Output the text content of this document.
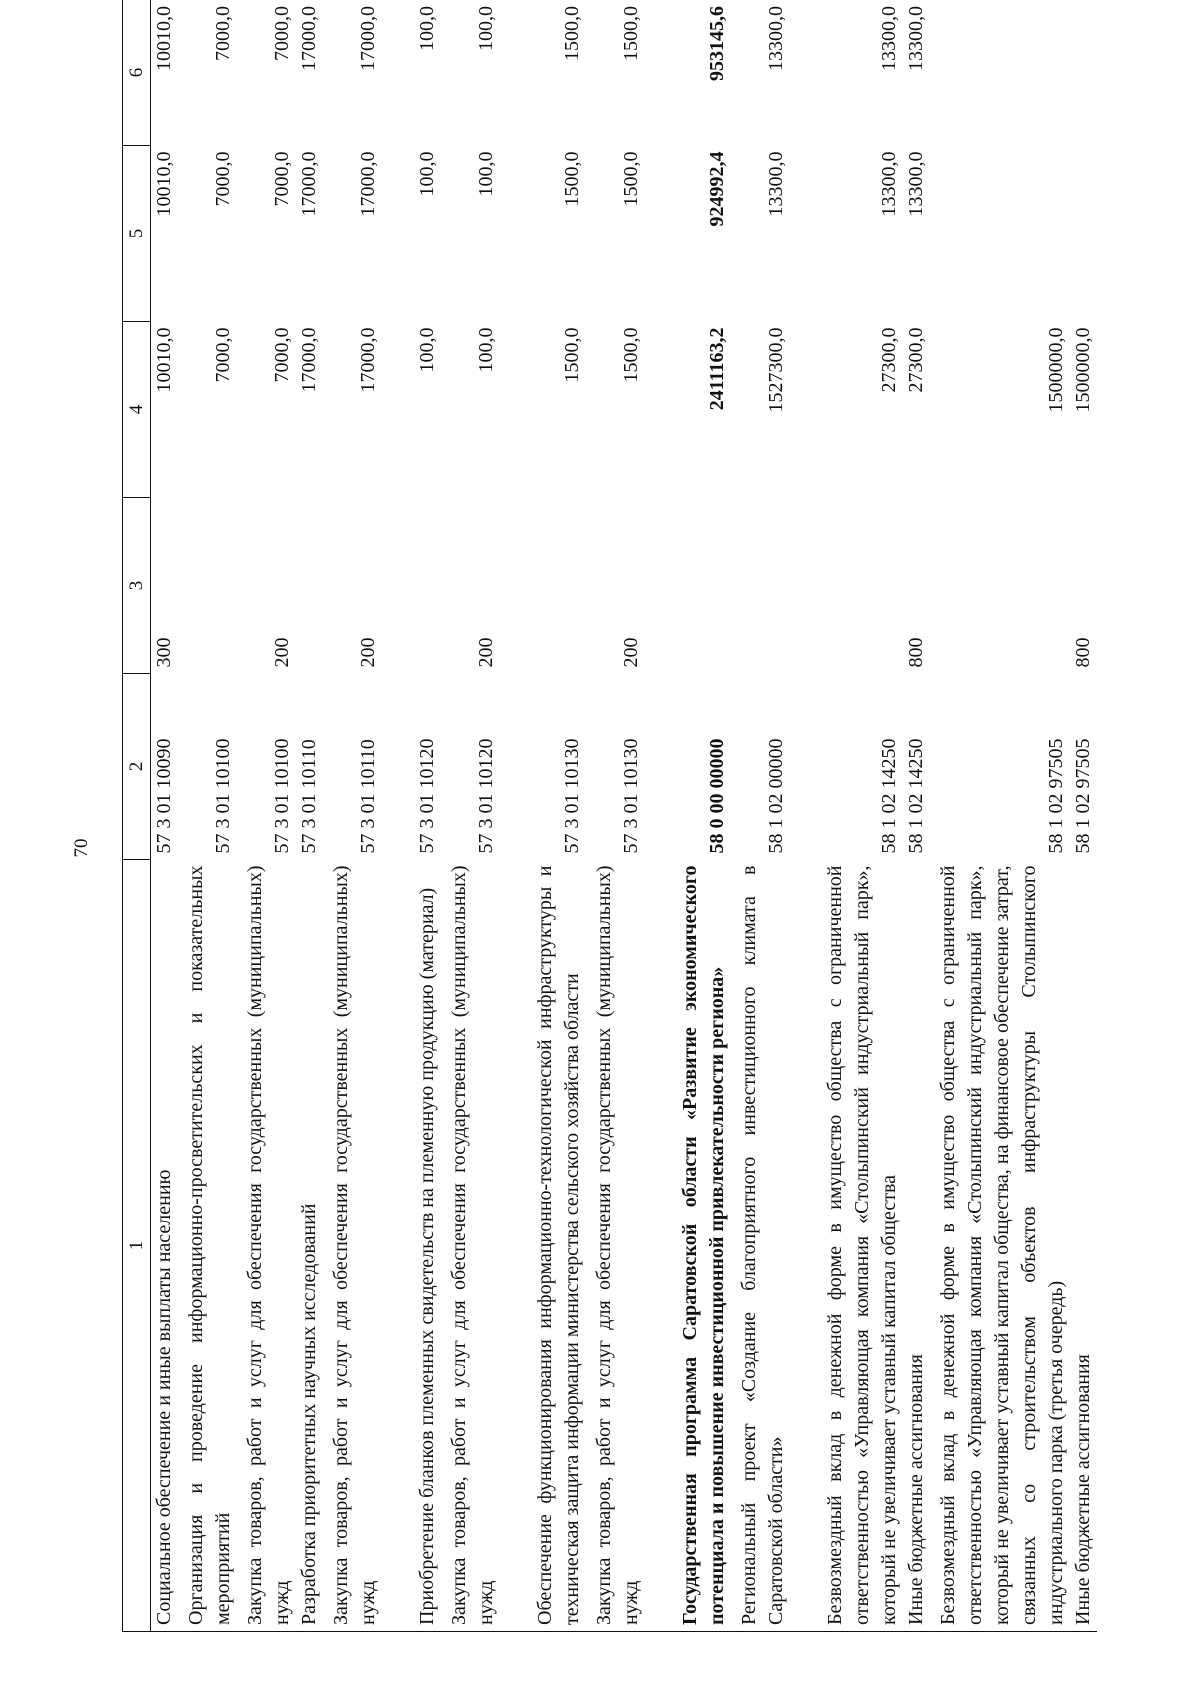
70
1	2	3	4	5	6
Социальное обеспечение и иные выплаты населению	57 3 01 10090	300	10010,0	10010,0	10010,0
Организация и проведение информационно-просветительских и показательных мероприятий	57 3 01 10100		7000,0	7000,0	7000,0
Закупка товаров, работ и услуг для обеспечения государственных (муниципальных) нужд	57 3 01 10100	200	7000,0	7000,0	7000,0
Разработка приоритетных научных исследований	57 3 01 10110		17000,0	17000,0	17000,0
Закупка товаров, работ и услуг для обеспечения государственных (муниципальных) нужд	57 3 01 10110	200	17000,0	17000,0	17000,0
Приобретение бланков племенных свидетельств на племенную продукцию (материал)	57 3 01 10120		100,0	100,0	100,0
Закупка товаров, работ и услуг для обеспечения государственных (муниципальных) нужд	57 3 01 10120	200	100,0	100,0	100,0
Обеспечение функционирования информационно-технологической инфраструктуры и техническая защита информации министерства сельского хозяйства области	57 3 01 10130		1500,0	1500,0	1500,0
Закупка товаров, работ и услуг для обеспечения государственных (муниципальных) нужд	57 3 01 10130	200	1500,0	1500,0	1500,0
Государственная программа Саратовской области «Развитие экономического потенциала и повышение инвестиционной привлекательности региона»	58 0 00 00000		2411163,2	924992,4	953145,6
Региональный проект «Создание благоприятного инвестиционного климата в Саратовской области»	58 1 02 00000		1527300,0	13300,0	13300,0
Безвозмездный вклад в денежной форме в имущество общества с ограниченной ответственностью «Управляющая компания «Столыпинский индустриальный парк», который не увеличивает уставный капитал общества	58 1 02 14250		27300,0	13300,0	13300,0
Иные бюджетные ассигнования	58 1 02 14250	800	27300,0	13300,0	13300,0
Безвозмездный вклад в денежной форме в имущество общества с ограниченной ответственностью «Управляющая компания «Столыпинский индустриальный парк», который не увеличивает уставный капитал общества, на финансовое обеспечение затрат, связанных со строительством объектов инфраструктуры Столыпинского индустриального парка (третья очередь)	58 1 02 97505		1500000,0		
Иные бюджетные ассигнования	58 1 02 97505	800	1500000,0		
